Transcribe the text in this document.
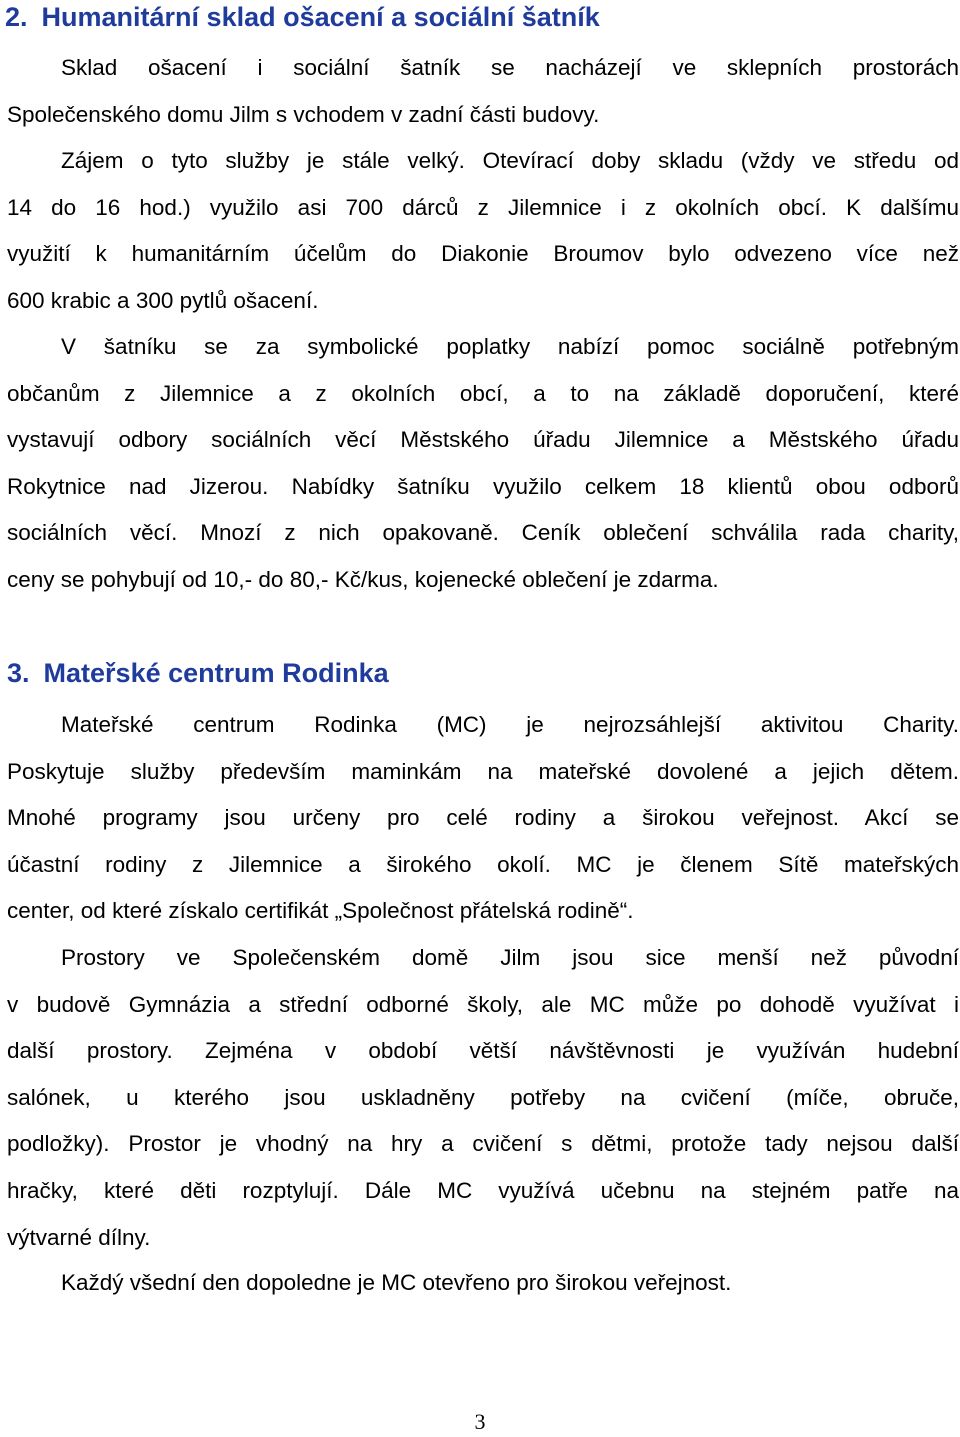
2. Humanitární sklad ošacení a sociální šatník
Sklad ošacení i sociální šatník se nacházejí ve sklepních prostorách
Společenského domu Jilm s vchodem v zadní části budovy.
Zájem o tyto služby je stále velký. Otevírací doby skladu (vždy ve středu od
14 do 16 hod.) využilo asi 700 dárců z Jilemnice i z okolních obcí. K dalšímu
využití k humanitárním účelům do Diakonie Broumov bylo odvezeno více než
600 krabic a 300 pytlů ošacení.
V šatníku se za symbolické poplatky nabízí pomoc sociálně potřebným
občanům z Jilemnice a z okolních obcí, a to na základě doporučení, které
vystavují odbory sociálních věcí Městského úřadu Jilemnice a Městského úřadu
Rokytnice nad Jizerou. Nabídky šatníku využilo celkem 18 klientů obou odborů
sociálních věcí. Mnozí z nich opakovaně. Ceník oblečení schválila rada charity,
ceny se pohybují od 10,- do 80,- Kč/kus, kojenecké oblečení je zdarma.
3. Mateřské centrum Rodinka
Mateřské centrum Rodinka (MC) je nejrozsáhlejší aktivitou Charity.
Poskytuje služby především maminkám na mateřské dovolené a jejich dětem.
Mnohé programy jsou určeny pro celé rodiny a širokou veřejnost. Akcí se
účastní rodiny z Jilemnice a širokého okolí. MC je členem Sítě mateřských
center, od které získalo certifikát „Společnost přátelská rodině“.
Prostory ve Společenském domě Jilm jsou sice menší než původní
v budově Gymnázia a střední odborné školy, ale MC může po dohodě využívat i
další prostory. Zejména v období větší návštěvnosti je využíván hudební
salónek, u kterého jsou uskladněny potřeby na cvičení (míče, obruče,
podložky). Prostor je vhodný na hry a cvičení s dětmi, protože tady nejsou další
hračky, které děti rozptylují. Dále MC využívá učebnu na stejném patře na
výtvarné dílny.
Každý všední den dopoledne je MC otevřeno pro širokou veřejnost.
3
